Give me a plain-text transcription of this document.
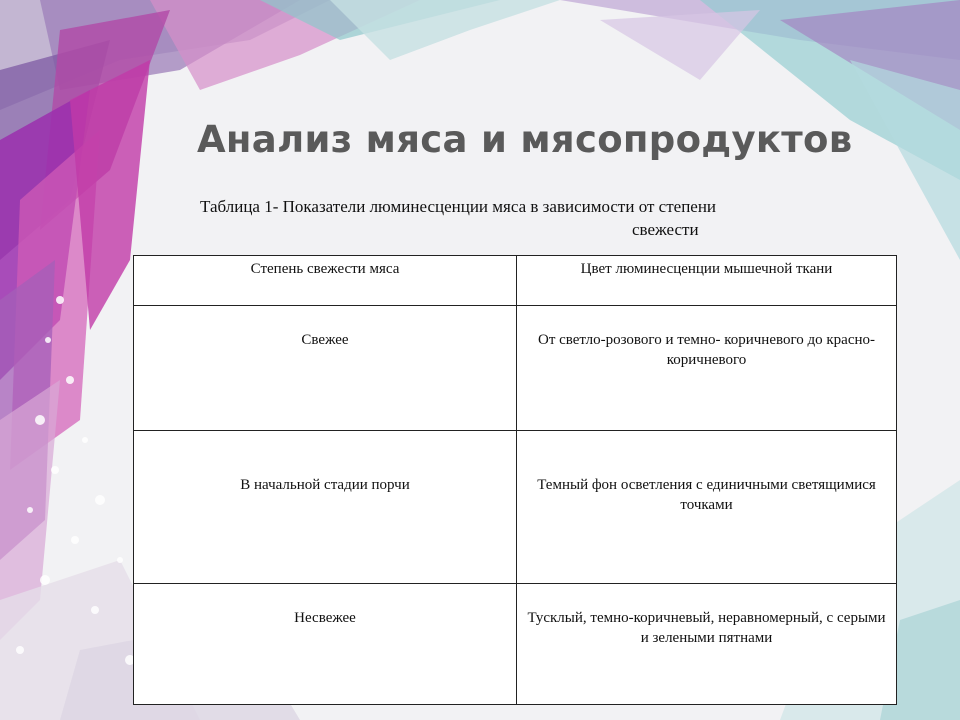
Анализ мяса и мясопродуктов
Таблица 1- Показатели люминесценции мяса в зависимости от степени
свежести
Степень свежести мяса	Цвет люминесценции мышечной ткани
Свежее	От светло-розового и темно- коричневого до красно-коричневого
В начальной стадии порчи	Темный фон осветления с единичными светящимися точками
Несвежее	Тусклый, темно-коричневый, неравномерный, с серыми и зелеными пятнами
